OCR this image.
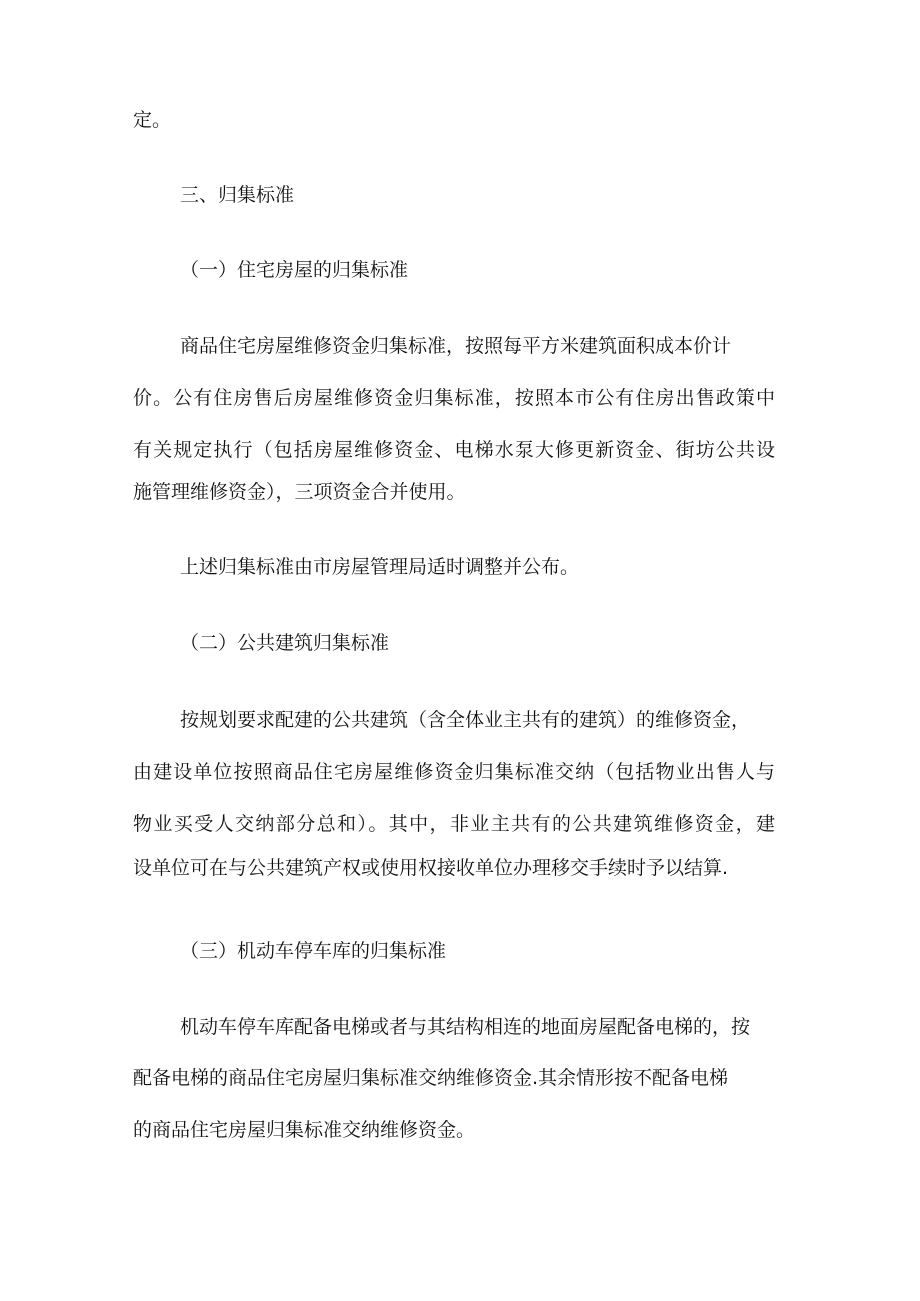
定。

三、归集标准

（一）住宅房屋的归集标准

商品住宅房屋维修资金归集标准，按照每平方米建筑面积成本价计

价。公有住房售后房屋维修资金归集标准，按照本市公有住房出售政策中

有关规定执行（包括房屋维修资金、电梯水泵大修更新资金、街坊公共设

施管理维修资金），三项资金合并使用。

上述归集标准由市房屋管理局适时调整并公布。

（二）公共建筑归集标准

按规划要求配建的公共建筑（含全体业主共有的建筑）的维修资金，

由建设单位按照商品住宅房屋维修资金归集标准交纳（包括物业出售人与

物业买受人交纳部分总和）。其中，非业主共有的公共建筑维修资金，建

设单位可在与公共建筑产权或使用权接收单位办理移交手续时予以结算.

（三）机动车停车库的归集标准

机动车停车库配备电梯或者与其结构相连的地面房屋配备电梯的，按

配备电梯的商品住宅房屋归集标准交纳维修资金.其余情形按不配备电梯

的商品住宅房屋归集标准交纳维修资金。
